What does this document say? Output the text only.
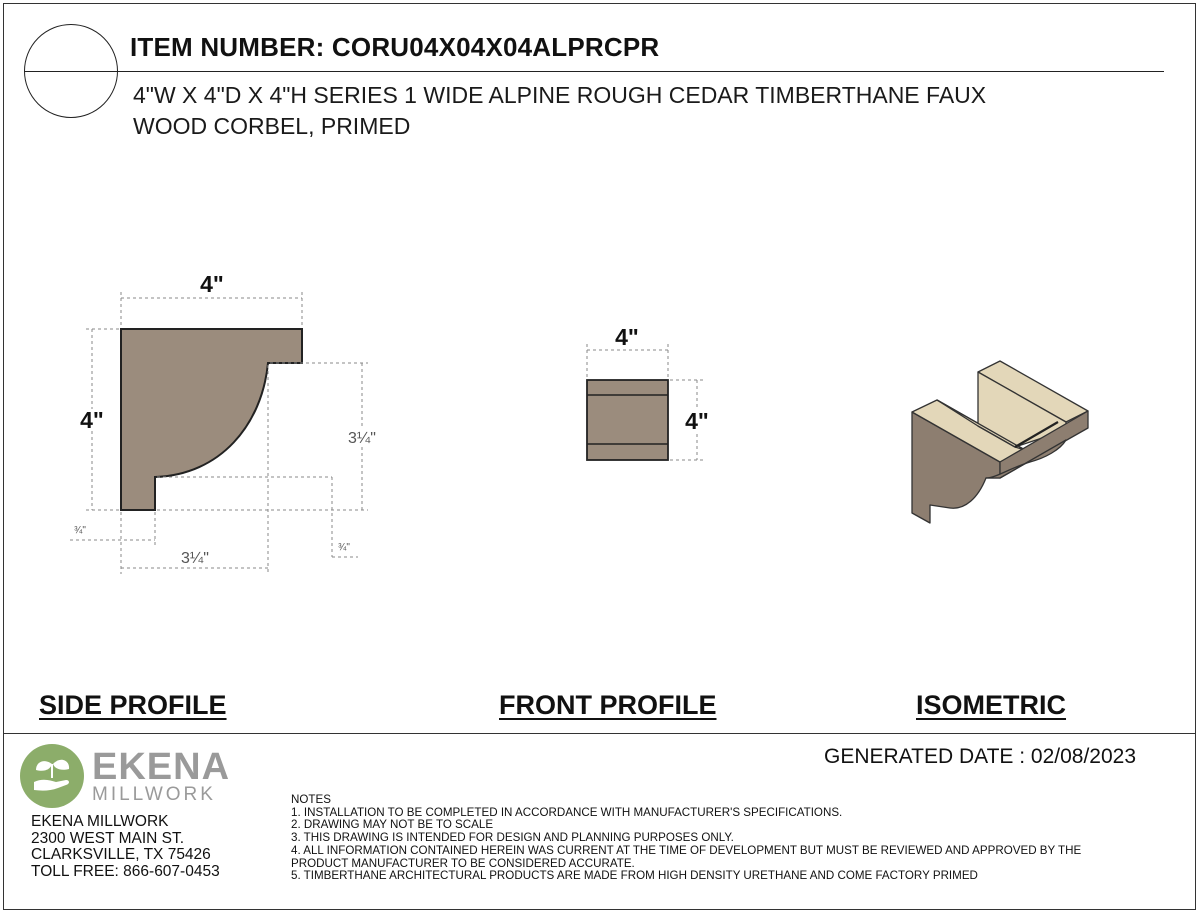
ITEM NUMBER: CORU04X04X04ALPRCPR
4"W X 4"D X 4"H SERIES 1 WIDE ALPINE ROUGH CEDAR TIMBERTHANE FAUX
WOOD CORBEL, PRIMED
4"
4"
3¼"
3¼"
¾"
¾"
4"
4"
SIDE PROFILE	FRONT PROFILE	ISOMETRIC
EKENA
MILLWORK
EKENA MILLWORK
2300 WEST MAIN ST.
CLARKSVILLE, TX 75426
TOLL FREE: 866-607-0453
GENERATED DATE : 02/08/2023
NOTES
1. INSTALLATION TO BE COMPLETED IN ACCORDANCE WITH MANUFACTURER'S SPECIFICATIONS.
2. DRAWING MAY NOT BE TO SCALE
3. THIS DRAWING IS INTENDED FOR DESIGN AND PLANNING PURPOSES ONLY.
4. ALL INFORMATION CONTAINED HEREIN WAS CURRENT AT THE TIME OF DEVELOPMENT BUT MUST BE REVIEWED AND APPROVED BY THE
PRODUCT MANUFACTURER TO BE CONSIDERED ACCURATE.
5. TIMBERTHANE ARCHITECTURAL PRODUCTS ARE MADE FROM HIGH DENSITY URETHANE AND COME FACTORY PRIMED
